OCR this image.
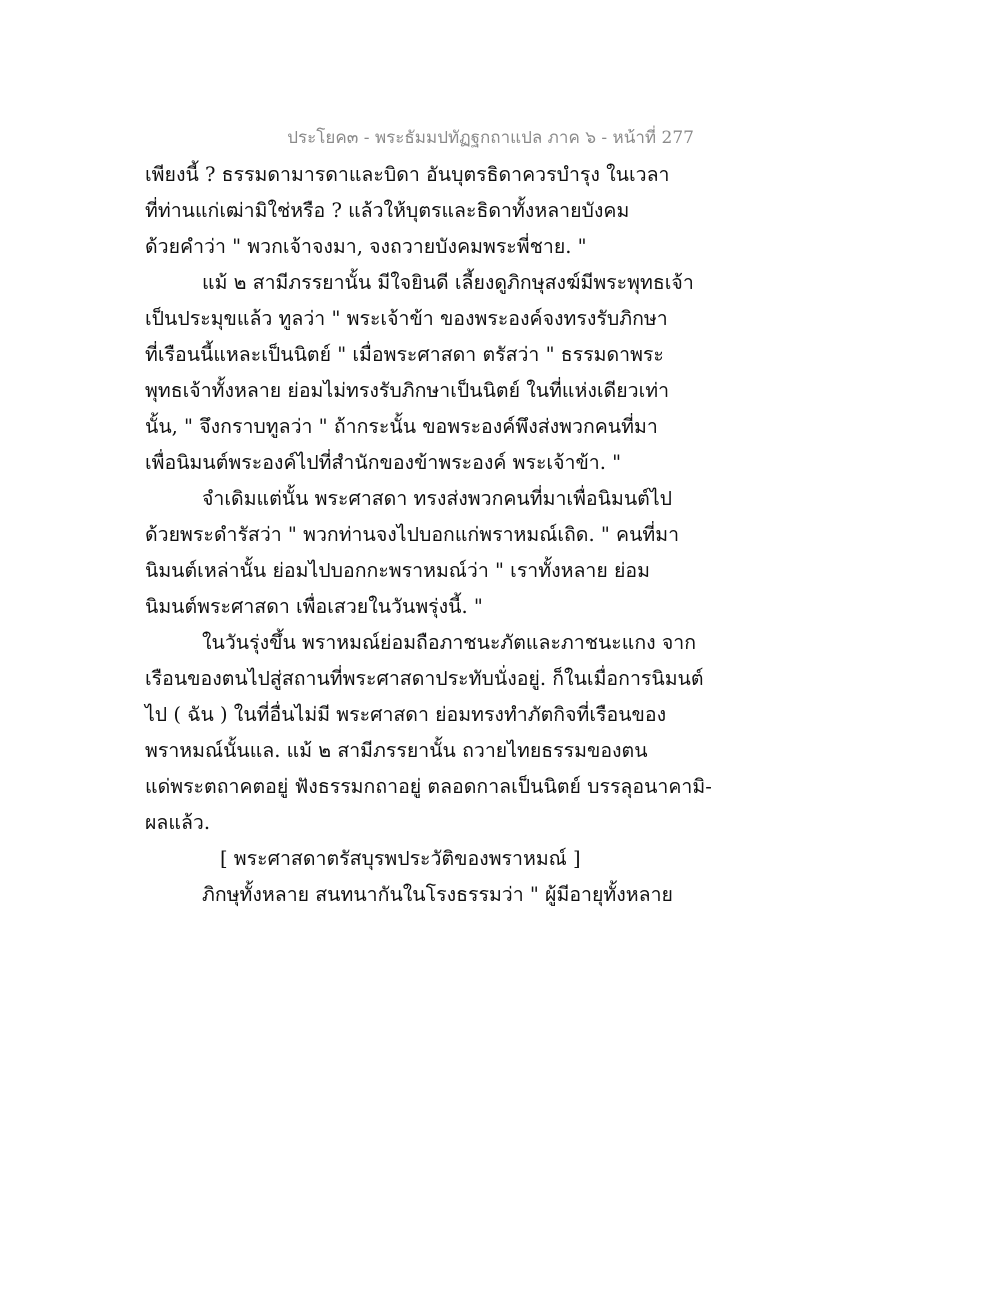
ประโยค๓ - พระธัมมปทัฏฐกถาแปล ภาค ๖ - หน้าที่ 277
เพียงนี้ ? ธรรมดามารดาและบิดา อันบุตรธิดาควรบำรุง ในเวลา
ที่ท่านแก่เฒ่ามิใช่หรือ ? แล้วให้บุตรและธิดาทั้งหลายบังคม
ด้วยคำว่า " พวกเจ้าจงมา, จงถวายบังคมพระพี่ชาย. "
แม้ ๒ สามีภรรยานั้น มีใจยินดี เลี้ยงดูภิกษุสงฆ์มีพระพุทธเจ้า
เป็นประมุขแล้ว ทูลว่า " พระเจ้าข้า ของพระองค์จงทรงรับภิกษา
ที่เรือนนี้แหละเป็นนิตย์ " เมื่อพระศาสดา ตรัสว่า " ธรรมดาพระ
พุทธเจ้าทั้งหลาย ย่อมไม่ทรงรับภิกษาเป็นนิตย์ ในที่แห่งเดียวเท่า
นั้น, " จึงกราบทูลว่า " ถ้ากระนั้น ขอพระองค์พึงส่งพวกคนที่มา
เพื่อนิมนต์พระองค์ไปที่สำนักของข้าพระองค์ พระเจ้าข้า. "
จำเดิมแต่นั้น พระศาสดา ทรงส่งพวกคนที่มาเพื่อนิมนต์ไป
ด้วยพระดำรัสว่า " พวกท่านจงไปบอกแก่พราหมณ์เถิด. " คนที่มา
นิมนต์เหล่านั้น ย่อมไปบอกกะพราหมณ์ว่า " เราทั้งหลาย ย่อม
นิมนต์พระศาสดา เพื่อเสวยในวันพรุ่งนี้. "
ในวันรุ่งขึ้น พราหมณ์ย่อมถือภาชนะภัตและภาชนะแกง จาก
เรือนของตนไปสู่สถานที่พระศาสดาประทับนั่งอยู่. ก็ในเมื่อการนิมนต์
ไป ( ฉัน ) ในที่อื่นไม่มี พระศาสดา ย่อมทรงทำภัตกิจที่เรือนของ
พราหมณ์นั้นแล. แม้ ๒ สามีภรรยานั้น ถวายไทยธรรมของตน
แด่พระตถาคตอยู่ ฟังธรรมกถาอยู่ ตลอดกาลเป็นนิตย์ บรรลุอนาคามิ-
ผลแล้ว.
[ พระศาสดาตรัสบุรพประวัติของพราหมณ์ ]
ภิกษุทั้งหลาย สนทนากันในโรงธรรมว่า " ผู้มีอายุทั้งหลาย
